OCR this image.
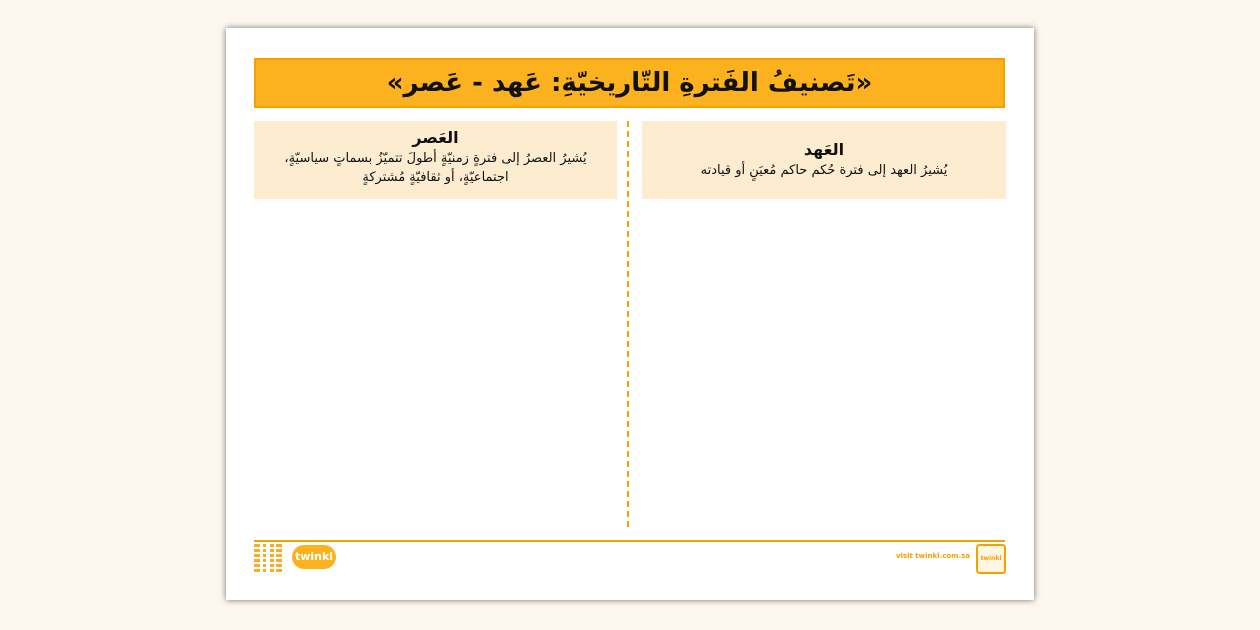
«تَصنيفُ الفَترةِ التّاريخيّةِ: عَهد - عَصر»
العَهد
يُشيرُ العهد إلى فترة حُكم حاكم مُعيَنٍ أو قيادته
العَصر
يُشيرُ العصرُ إلى فترةٍ زمنيّةٍ أطولَ تتميّزُ بسماتٍ سياسيّةٍ، اجتماعيّةٍ، أو ثقافيّةٍ مُشتركةٍ
twinkl	visit twinkl.com.sa	twinkl
